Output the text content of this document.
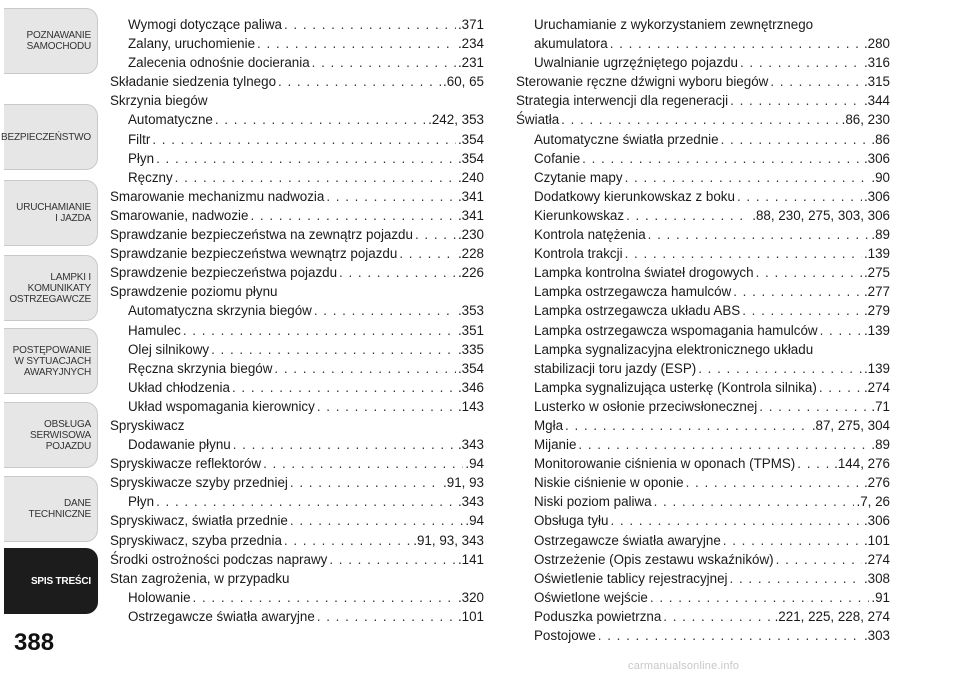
POZNAWANIE
SAMOCHODU
BEZPIECZEŃSTWO
URUCHAMIANIE
I JAZDA
LAMPKI I
KOMUNIKATY
OSTRZEGAWCZE
POSTĘPOWANIE
W SYTUACJACH
AWARYJNYCH
OBSŁUGA
SERWISOWA
POJAZDU
DANE
TECHNICZNE
SPIS TREŚCI
388
Wymogi dotyczące paliwa . . .	.371
Zalany, uruchomienie . . .	.234
Zalecenia odnośnie docierania . . .	.231
Składanie siedzenia tylnego . . .	.60, 65
Skrzynia biegów
Automatyczne . . .	.242, 353
Filtr . . .	.354
Płyn . . .	.354
Ręczny . . .	.240
Smarowanie mechanizmu nadwozia . . .	.341
Smarowanie, nadwozie . . .	.341
Sprawdzanie bezpieczeństwa na zewnątrz pojazdu . . .	.230
Sprawdzanie bezpieczeństwa wewnątrz pojazdu . . .	.228
Sprawdzenie bezpieczeństwa pojazdu . . .	.226
Sprawdzenie poziomu płynu
Automatyczna skrzynia biegów . . .	.353
Hamulec . . .	.351
Olej silnikowy . . .	.335
Ręczna skrzynia biegów . . .	.354
Układ chłodzenia . . .	.346
Układ wspomagania kierownicy . . .	.143
Spryskiwacz
Dodawanie płynu . . .	.343
Spryskiwacze reflektorów . . .	.94
Spryskiwacze szyby przedniej . . .	.91, 93
Płyn . . .	.343
Spryskiwacz, światła przednie . . .	.94
Spryskiwacz, szyba przednia . . .	.91, 93, 343
Środki ostrożności podczas naprawy . . .	.141
Stan zagrożenia, w przypadku
Holowanie . . .	.320
Ostrzegawcze światła awaryjne . . .	.101
Uruchamianie z wykorzystaniem zewnętrznego
akumulatora . . .	.280
Uwalnianie ugrzęźniętego pojazdu . . .	.316
Sterowanie ręczne dźwigni wyboru biegów . . .	.315
Strategia interwencji dla regeneracji . . .	.344
Światła . . .	.86, 230
Automatyczne światła przednie . . .	.86
Cofanie . . .	.306
Czytanie mapy . . .	.90
Dodatkowy kierunkowskaz z boku . . .	.306
Kierunkowskaz . . .	.88, 230, 275, 303, 306
Kontrola natężenia . . .	.89
Kontrola trakcji . . .	.139
Lampka kontrolna świateł drogowych . . .	.275
Lampka ostrzegawcza hamulców . . .	.277
Lampka ostrzegawcza układu ABS . . .	.279
Lampka ostrzegawcza wspomagania hamulców . . .	.139
Lampka sygnalizacyjna elektronicznego układu
stabilizacji toru jazdy (ESP) . . .	.139
Lampka sygnalizująca usterkę (Kontrola silnika) . . .	.274
Lusterko w osłonie przeciwsłonecznej . . .	.71
Mgła . . .	.87, 275, 304
Mijanie . . .	.89
Monitorowanie ciśnienia w oponach (TPMS) . . .	.144, 276
Niskie ciśnienie w oponie . . .	.276
Niski poziom paliwa . . .	.7, 26
Obsługa tyłu . . .	.306
Ostrzegawcze światła awaryjne . . .	.101
Ostrzeżenie (Opis zestawu wskaźników) . . .	.274
Oświetlenie tablicy rejestracyjnej . . .	.308
Oświetlone wejście . . .	.91
Poduszka powietrzna . . .	.221, 225, 228, 274
Postojowe . . .	.303
carmanualsonline.info
